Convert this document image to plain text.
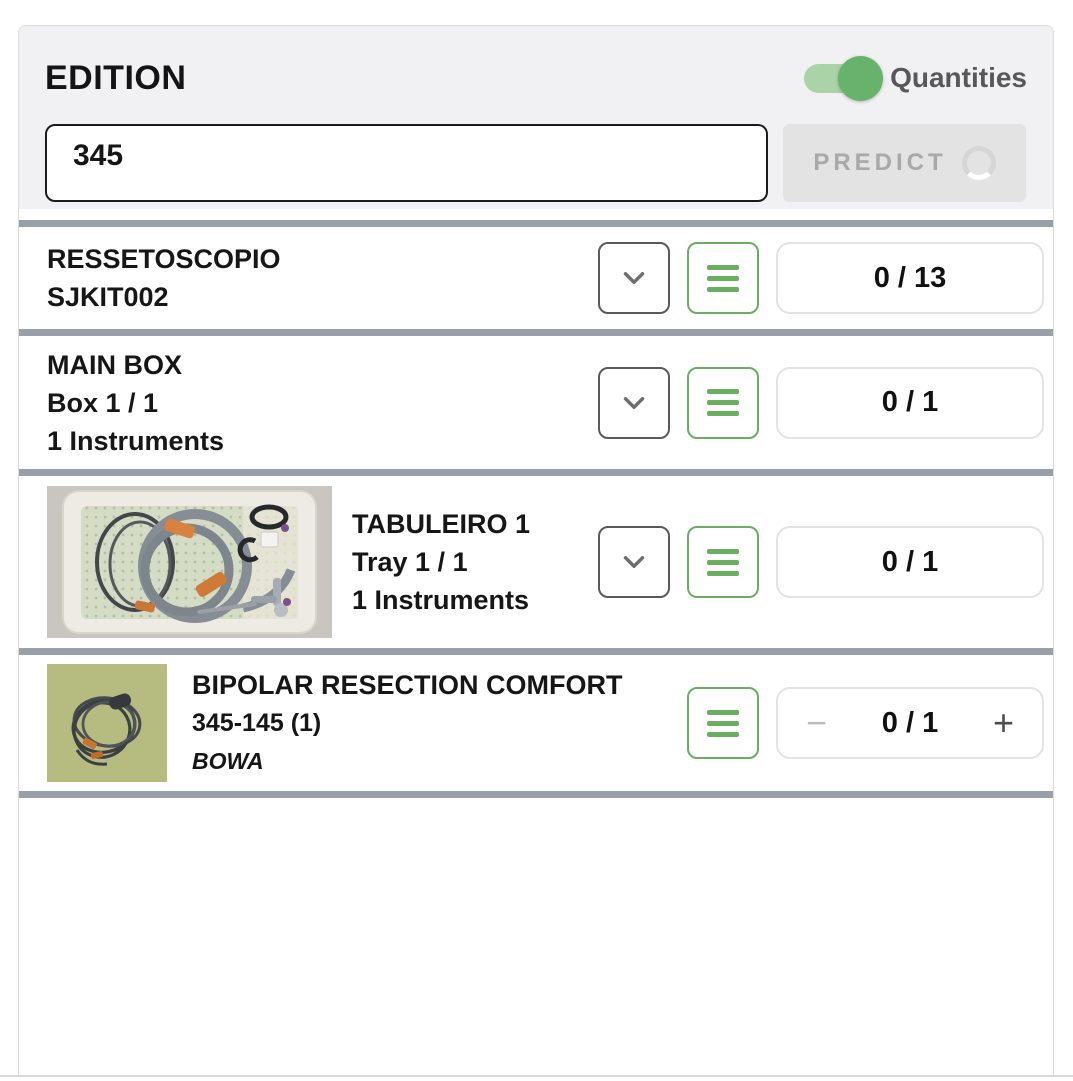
EDITION	Quantities
345
PREDICT
RESSETOSCOPIO
SJKIT002
0 / 13
MAIN BOX
Box 1 / 1
1 Instruments
0 / 1
TABULEIRO 1
Tray 1 / 1
1 Instruments
0 / 1
BIPOLAR RESECTION COMFORT
345-145 (1)
BOWA
− 0 / 1 +
